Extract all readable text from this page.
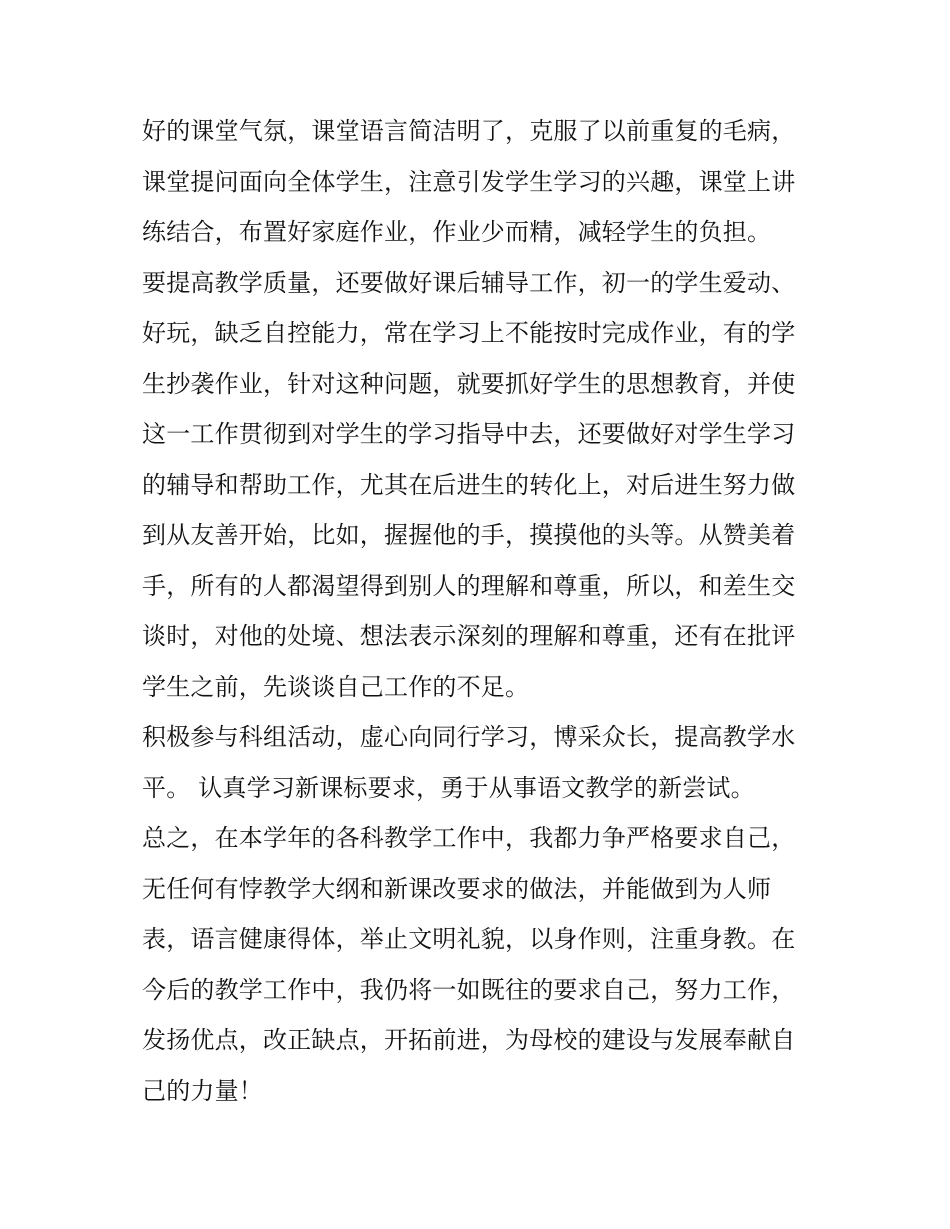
好的课堂气氛，课堂语言简洁明了，克服了以前重复的毛病，
课堂提问面向全体学生，注意引发学生学习的兴趣，课堂上讲
练结合，布置好家庭作业，作业少而精，减轻学生的负担。
要提高教学质量，还要做好课后辅导工作，初一的学生爱动、
好玩，缺乏自控能力，常在学习上不能按时完成作业，有的学
生抄袭作业，针对这种问题，就要抓好学生的思想教育，并使
这一工作贯彻到对学生的学习指导中去，还要做好对学生学习
的辅导和帮助工作，尤其在后进生的转化上，对后进生努力做
到从友善开始，比如，握握他的手，摸摸他的头等。从赞美着
手，所有的人都渴望得到别人的理解和尊重，所以，和差生交
谈时，对他的处境、想法表示深刻的理解和尊重，还有在批评
学生之前，先谈谈自己工作的不足。
积极参与科组活动，虚心向同行学习，博采众长，提高教学水
平。 认真学习新课标要求，勇于从事语文教学的新尝试。
总之，在本学年的各科教学工作中，我都力争严格要求自己，
无任何有悖教学大纲和新课改要求的做法，并能做到为人师
表，语言健康得体，举止文明礼貌，以身作则，注重身教。在
今后的教学工作中，我仍将一如既往的要求自己，努力工作，
发扬优点，改正缺点，开拓前进，为母校的建设与发展奉献自
己的力量！
